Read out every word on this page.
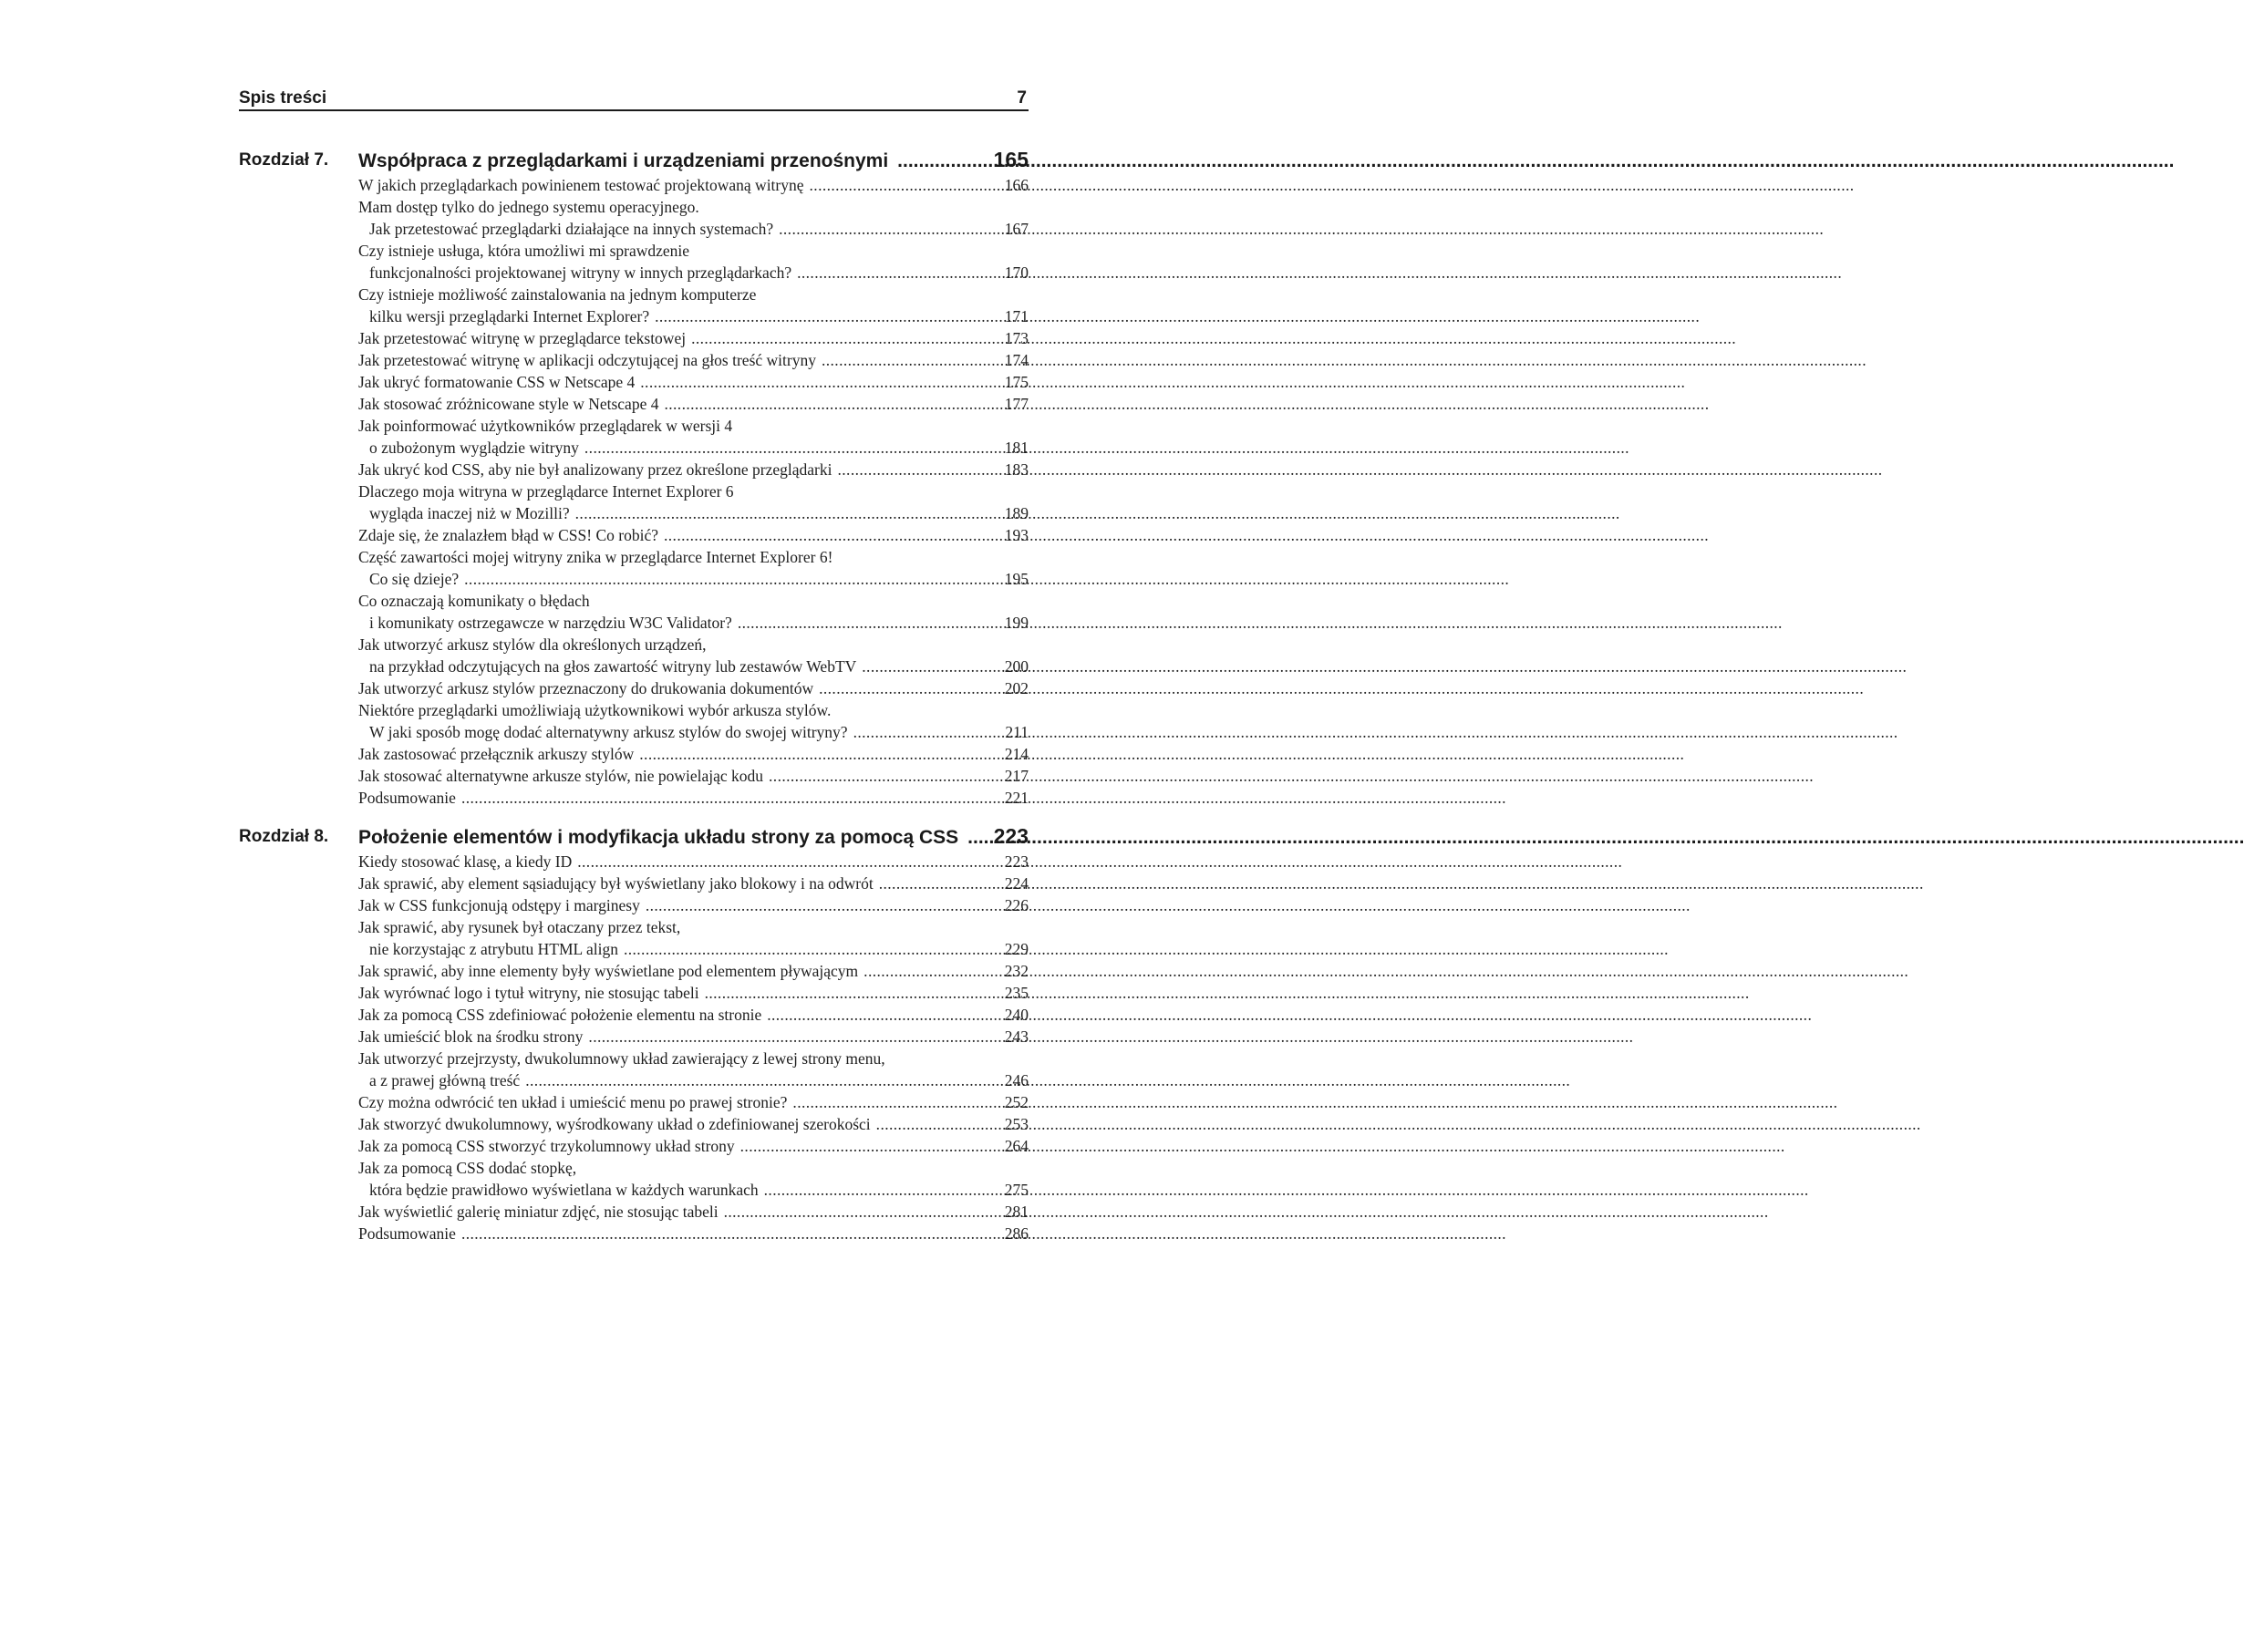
Spis treści	7
Rozdział 7. Współpraca z przeglądarkami i urządzeniami przenośnymi .....	165
W jakich przeglądarkach powinienem testować projektowaną witrynę .....	166
Mam dostęp tylko do jednego systemu operacyjnego.
Jak przetestować przeglądarki działające na innych systemach? .....	167
Czy istnieje usługa, która umożliwi mi sprawdzenie
funkcjonalności projektowanej witryny w innych przeglądarkach? .....	170
Czy istnieje możliwość zainstalowania na jednym komputerze
kilku wersji przeglądarki Internet Explorer? .....	171
Jak przetestować witrynę w przeglądarce tekstowej .....	173
Jak przetestować witrynę w aplikacji odczytującej na głos treść witryny .....	174
Jak ukryć formatowanie CSS w Netscape 4 .....	175
Jak stosować zróżnicowane style w Netscape 4 .....	177
Jak poinformować użytkowników przeglądarek w wersji 4
o zubożonym wyglądzie witryny .....	181
Jak ukryć kod CSS, aby nie był analizowany przez określone przeglądarki .....	183
Dlaczego moja witryna w przeglądarce Internet Explorer 6
wygląda inaczej niż w Mozilli? .....	189
Zdaje się, że znalazłem błąd w CSS! Co robić? .....	193
Część zawartości mojej witryny znika w przeglądarce Internet Explorer 6!
Co się dzieje? .....	195
Co oznaczają komunikaty o błędach
i komunikaty ostrzegawcze w narzędziu W3C Validator? .....	199
Jak utworzyć arkusz stylów dla określonych urządzeń,
na przykład odczytujących na głos zawartość witryny lub zestawów WebTV .....	200
Jak utworzyć arkusz stylów przeznaczony do drukowania dokumentów .....	202
Niektóre przeglądarki umożliwiają użytkownikowi wybór arkusza stylów.
W jaki sposób mogę dodać alternatywny arkusz stylów do swojej witryny? .....	211
Jak zastosować przełącznik arkuszy stylów .....	214
Jak stosować alternatywne arkusze stylów, nie powielając kodu .....	217
Podsumowanie .....	221
Rozdział 8. Położenie elementów i modyfikacja układu strony za pomocą CSS ..... 223
Kiedy stosować klasę, a kiedy ID .....	223
Jak sprawić, aby element sąsiadujący był wyświetlany jako blokowy i na odwrót .....	224
Jak w CSS funkcjonują odstępy i marginesy .....	226
Jak sprawić, aby rysunek był otaczany przez tekst,
nie korzystając z atrybutu HTML align .....	229
Jak sprawić, aby inne elementy były wyświetlane pod elementem pływającym .....	232
Jak wyrównać logo i tytuł witryny, nie stosując tabeli .....	235
Jak za pomocą CSS zdefiniować położenie elementu na stronie .....	240
Jak umieścić blok na środku strony .....	243
Jak utworzyć przejrzysty, dwukolumnowy układ zawierający z lewej strony menu,
a z prawej główną treść .....	246
Czy można odwrócić ten układ i umieścić menu po prawej stronie? .....	252
Jak stworzyć dwukolumnowy, wyśrodkowany układ o zdefiniowanej szerokości .....	253
Jak za pomocą CSS stworzyć trzykolumnowy układ strony .....	264
Jak za pomocą CSS dodać stopkę,
która będzie prawidłowo wyświetlana w każdych warunkach .....	275
Jak wyświetlić galerię miniatur zdjęć, nie stosując tabeli .....	281
Podsumowanie .....	286
